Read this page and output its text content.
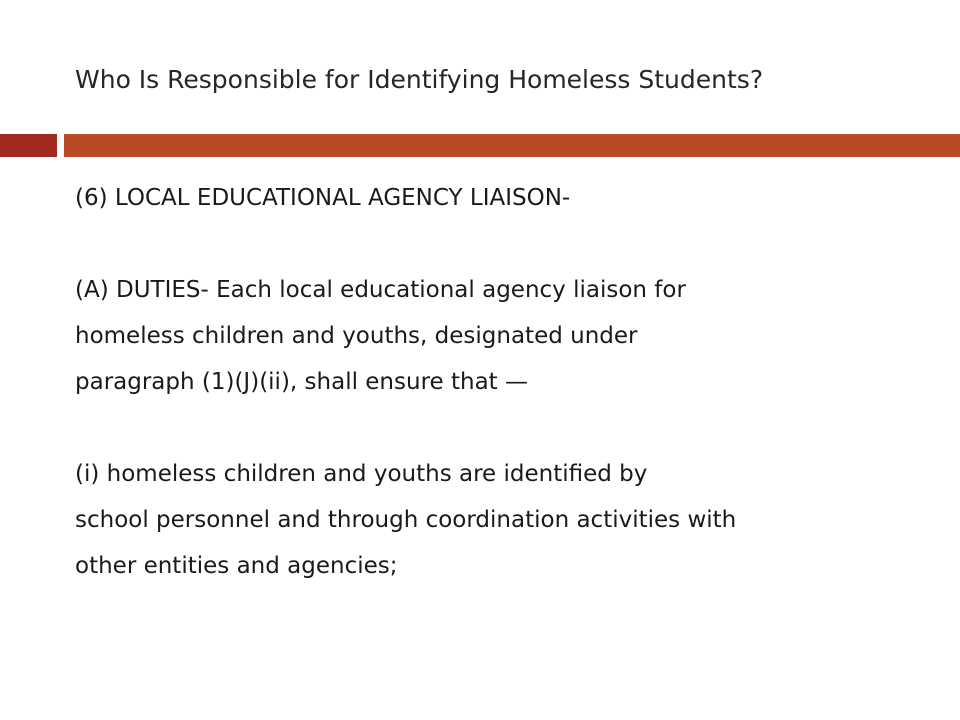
Who Is Responsible for Identifying Homeless Students?

(6) LOCAL EDUCATIONAL AGENCY LIAISON-

(A) DUTIES- Each local educational agency liaison for
homeless children and youths, designated under
paragraph (1)(J)(ii), shall ensure that —

(i) homeless children and youths are identified by
school personnel and through coordination activities with
other entities and agencies;
